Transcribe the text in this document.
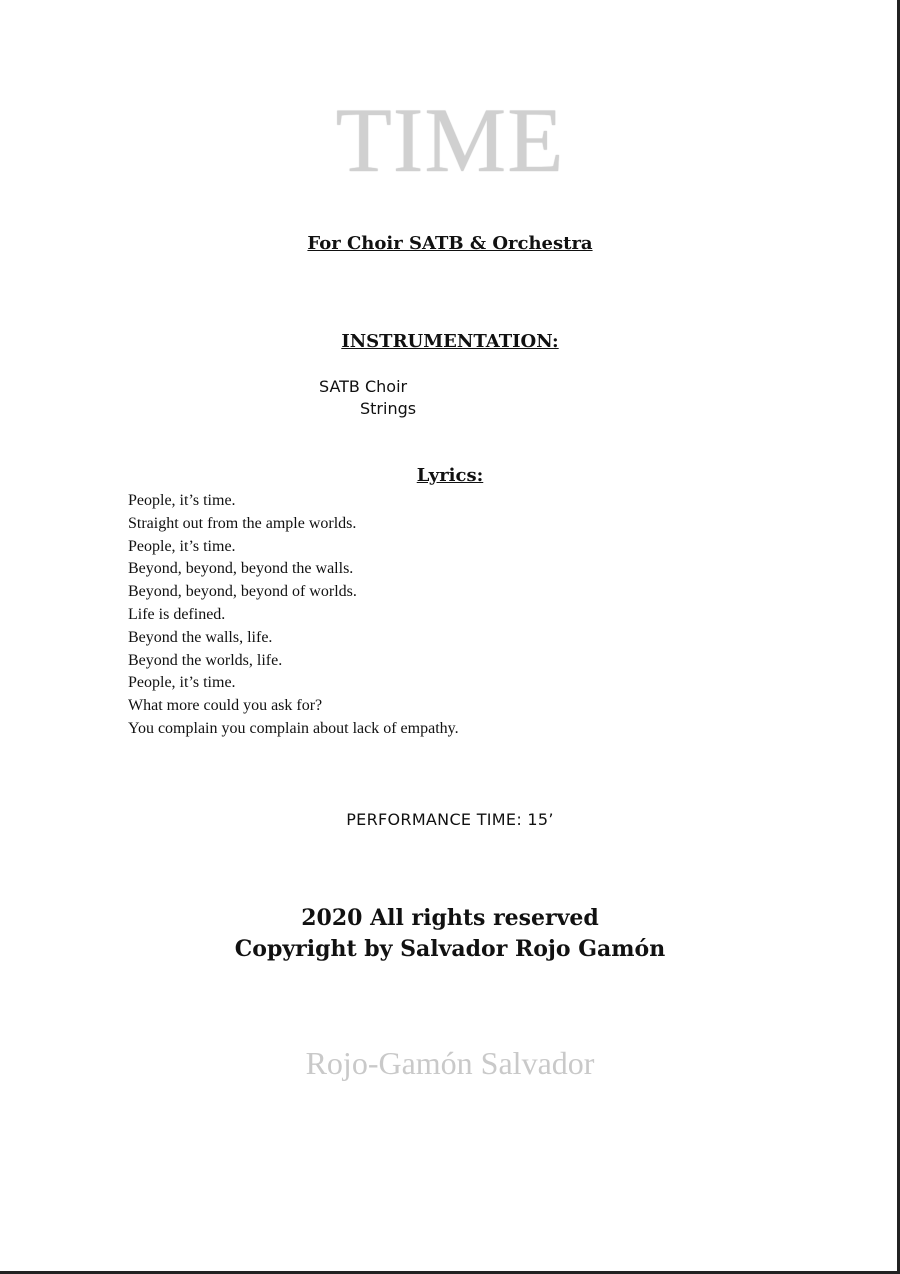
TIME
For Choir SATB & Orchestra
INSTRUMENTATION:
SATB Choir
Strings
Lyrics:
People, it’s time.
Straight out from the ample worlds.
People, it’s time.
Beyond, beyond, beyond the walls.
Beyond, beyond, beyond of worlds.
Life is defined.
Beyond the walls, life.
Beyond the worlds, life.
People, it’s time.
What more could you ask for?
You complain you complain about lack of empathy.
PERFORMANCE TIME: 15’
2020 All rights reserved
Copyright by Salvador Rojo Gamón
Rojo-Gamón Salvador
